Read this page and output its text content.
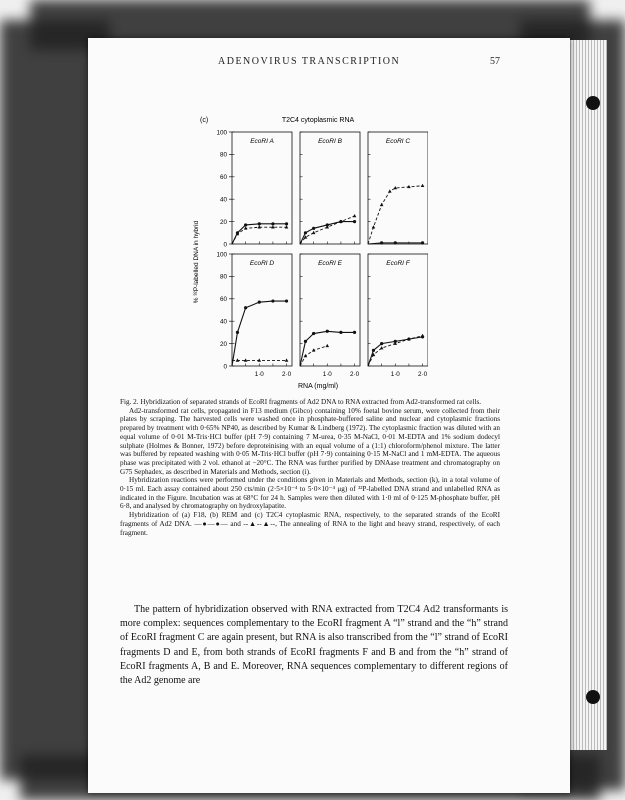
ADENOVIRUS TRANSCRIPTION	57
(c)	T2C4 cytoplasmic RNA
% ³²P-labelled DNA in hybrid
RNA (mg/ml)
0
20
40
60
80
100
0
20
40
60
80
100
EcoRI A	EcoRI B	EcoRI C
EcoRI D
1·0	2·0
EcoRI E
1·0	2·0
EcoRI F
1·0	2·0

Fig. 2. Hybridization of separated strands of EcoRI fragments of Ad2 DNA to RNA extracted from Ad2-transformed rat cells.

Ad2-transformed rat cells, propagated in F13 medium (Gibco) containing 10% foetal bovine serum, were collected from their plates by scraping. The harvested cells were washed once in phosphate-buffered saline and nuclear and cytoplasmic fractions prepared by treatment with 0·65% NP40, as described by Kumar & Lindberg (1972). The cytoplasmic fraction was diluted with an equal volume of 0·01 M-Tris·HCl buffer (pH 7·9) containing 7 M-urea, 0·35 M-NaCl, 0·01 M-EDTA and 1% sodium dodecyl sulphate (Holmes & Bonner, 1972) before deproteinising with an equal volume of a (1:1) chloroform/phenol mixture. The latter was buffered by repeated washing with 0·05 M-Tris·HCl buffer (pH 7·9) containing 0·15 M-NaCl and 1 mM-EDTA. The aqueous phase was precipitated with 2 vol. ethanol at −20°C. The RNA was further purified by DNAase treatment and chromatography on G75 Sephadex, as described in Materials and Methods, section (i).

Hybridization reactions were performed under the conditions given in Materials and Methods, section (k), in a total volume of 0·15 ml. Each assay contained about 250 cts/min (2·5×10⁻⁴ to 5·0×10⁻⁴ μg) of ³²P-labelled DNA strand and unlabelled RNA as indicated in the Figure. Incubation was at 68°C for 24 h. Samples were then diluted with 1·0 ml of 0·125 M-phosphate buffer, pH 6·8, and analysed by chromatography on hydroxylapatite.

Hybridization of (a) F18, (b) REM and (c) T2C4 cytoplasmic RNA, respectively, to the separated strands of the EcoRI fragments of Ad2 DNA. —●—●— and --▲--▲--, The annealing of RNA to the light and heavy strand, respectively, of each fragment.

The pattern of hybridization observed with RNA extracted from T2C4 Ad2 transformants is more complex: sequences complementary to the EcoRI fragment A “l” strand and the “h” strand of EcoRI fragment C are again present, but RNA is also transcribed from the “l” strand of EcoRI fragments D and E, from both strands of EcoRI fragments F and B and from the “h” strand of EcoRI fragments A, B and E. Moreover, RNA sequences complementary to different regions of the Ad2 genome are
